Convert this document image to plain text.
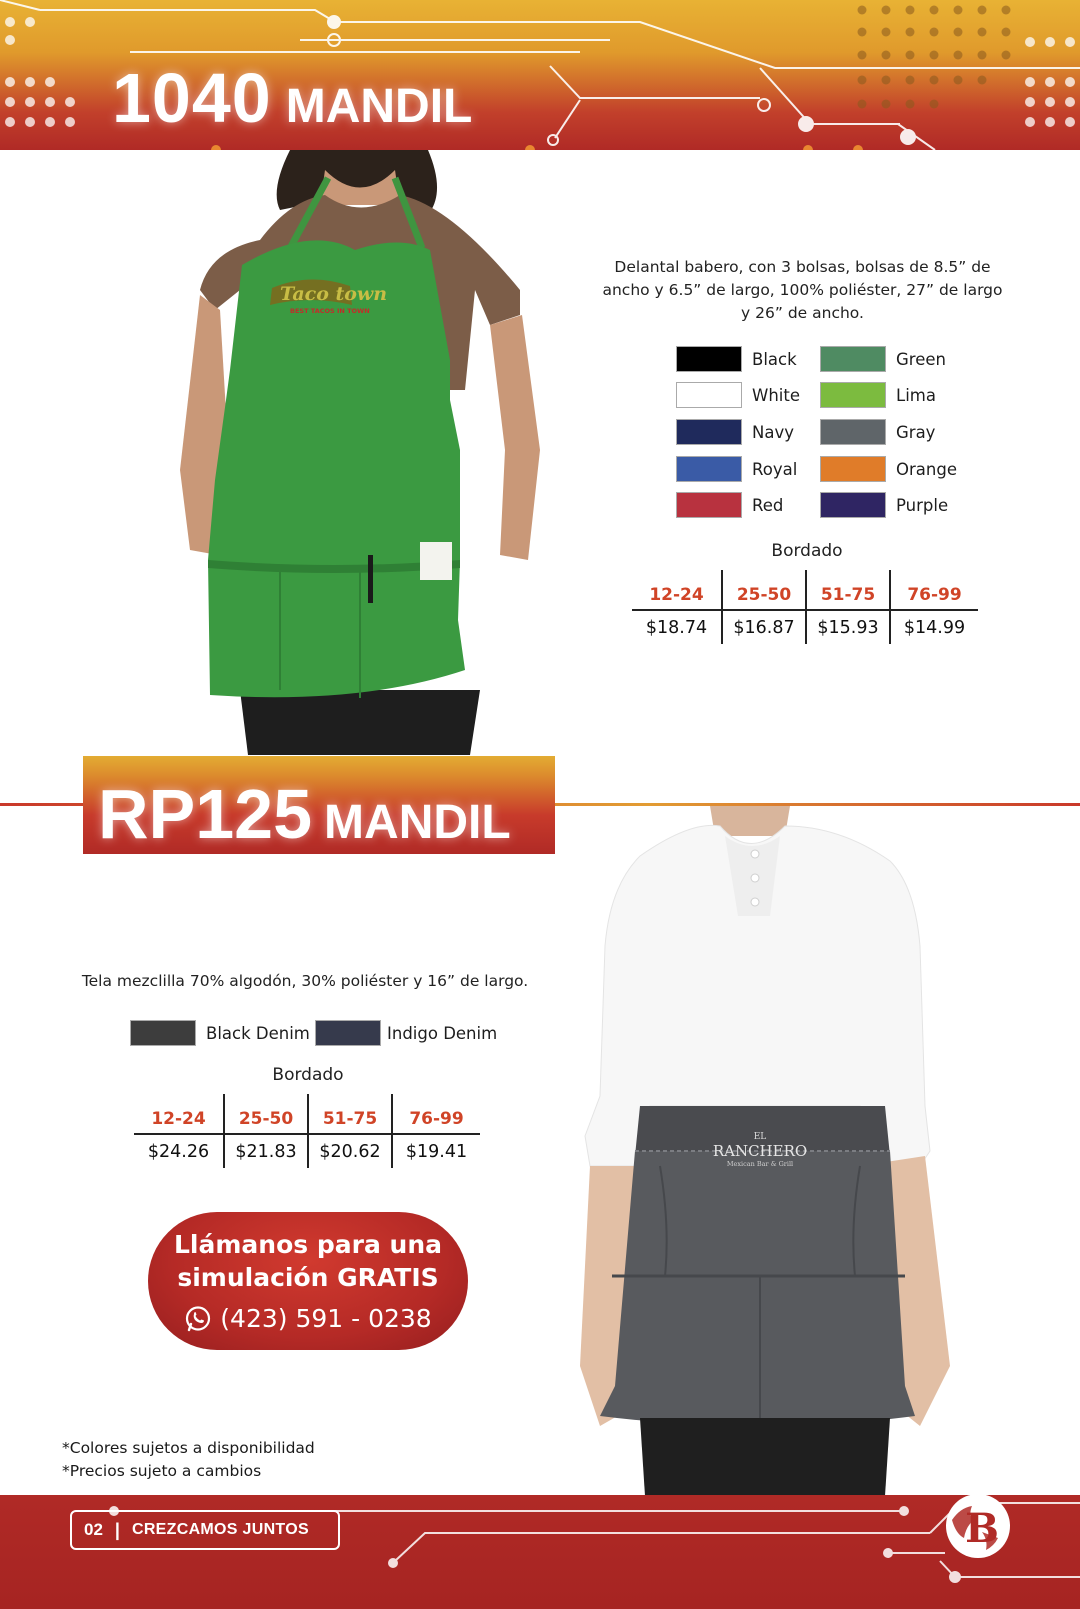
1040 MANDIL
Taco town
BEST TACOS IN TOWN
Delantal babero, con 3 bolsas, bolsas de 8.5” de ancho y 6.5” de largo, 100% poliéster, 27” de largo y 26” de ancho.
Black
White
Navy
Royal
Red
Green
Lima
Gray
Orange
Purple
Bordado
12-24	25-50	51-75	76-99
$18.74	$16.87	$15.93	$14.99
RP125 MANDIL
EL
RANCHERO
Mexican Bar & Grill
Tela mezclilla 70% algodón, 30% poliéster y 16” de largo.
Black Denim	Indigo Denim
Bordado
12-24	25-50	51-75	76-99
$24.26	$21.83	$20.62	$19.41
Llámanos para una
simulación GRATIS
(423) 591 - 0238
*Colores sujetos a disponibilidad
*Precios sujeto a cambios
02 | CREZCAMOS JUNTOS	B
